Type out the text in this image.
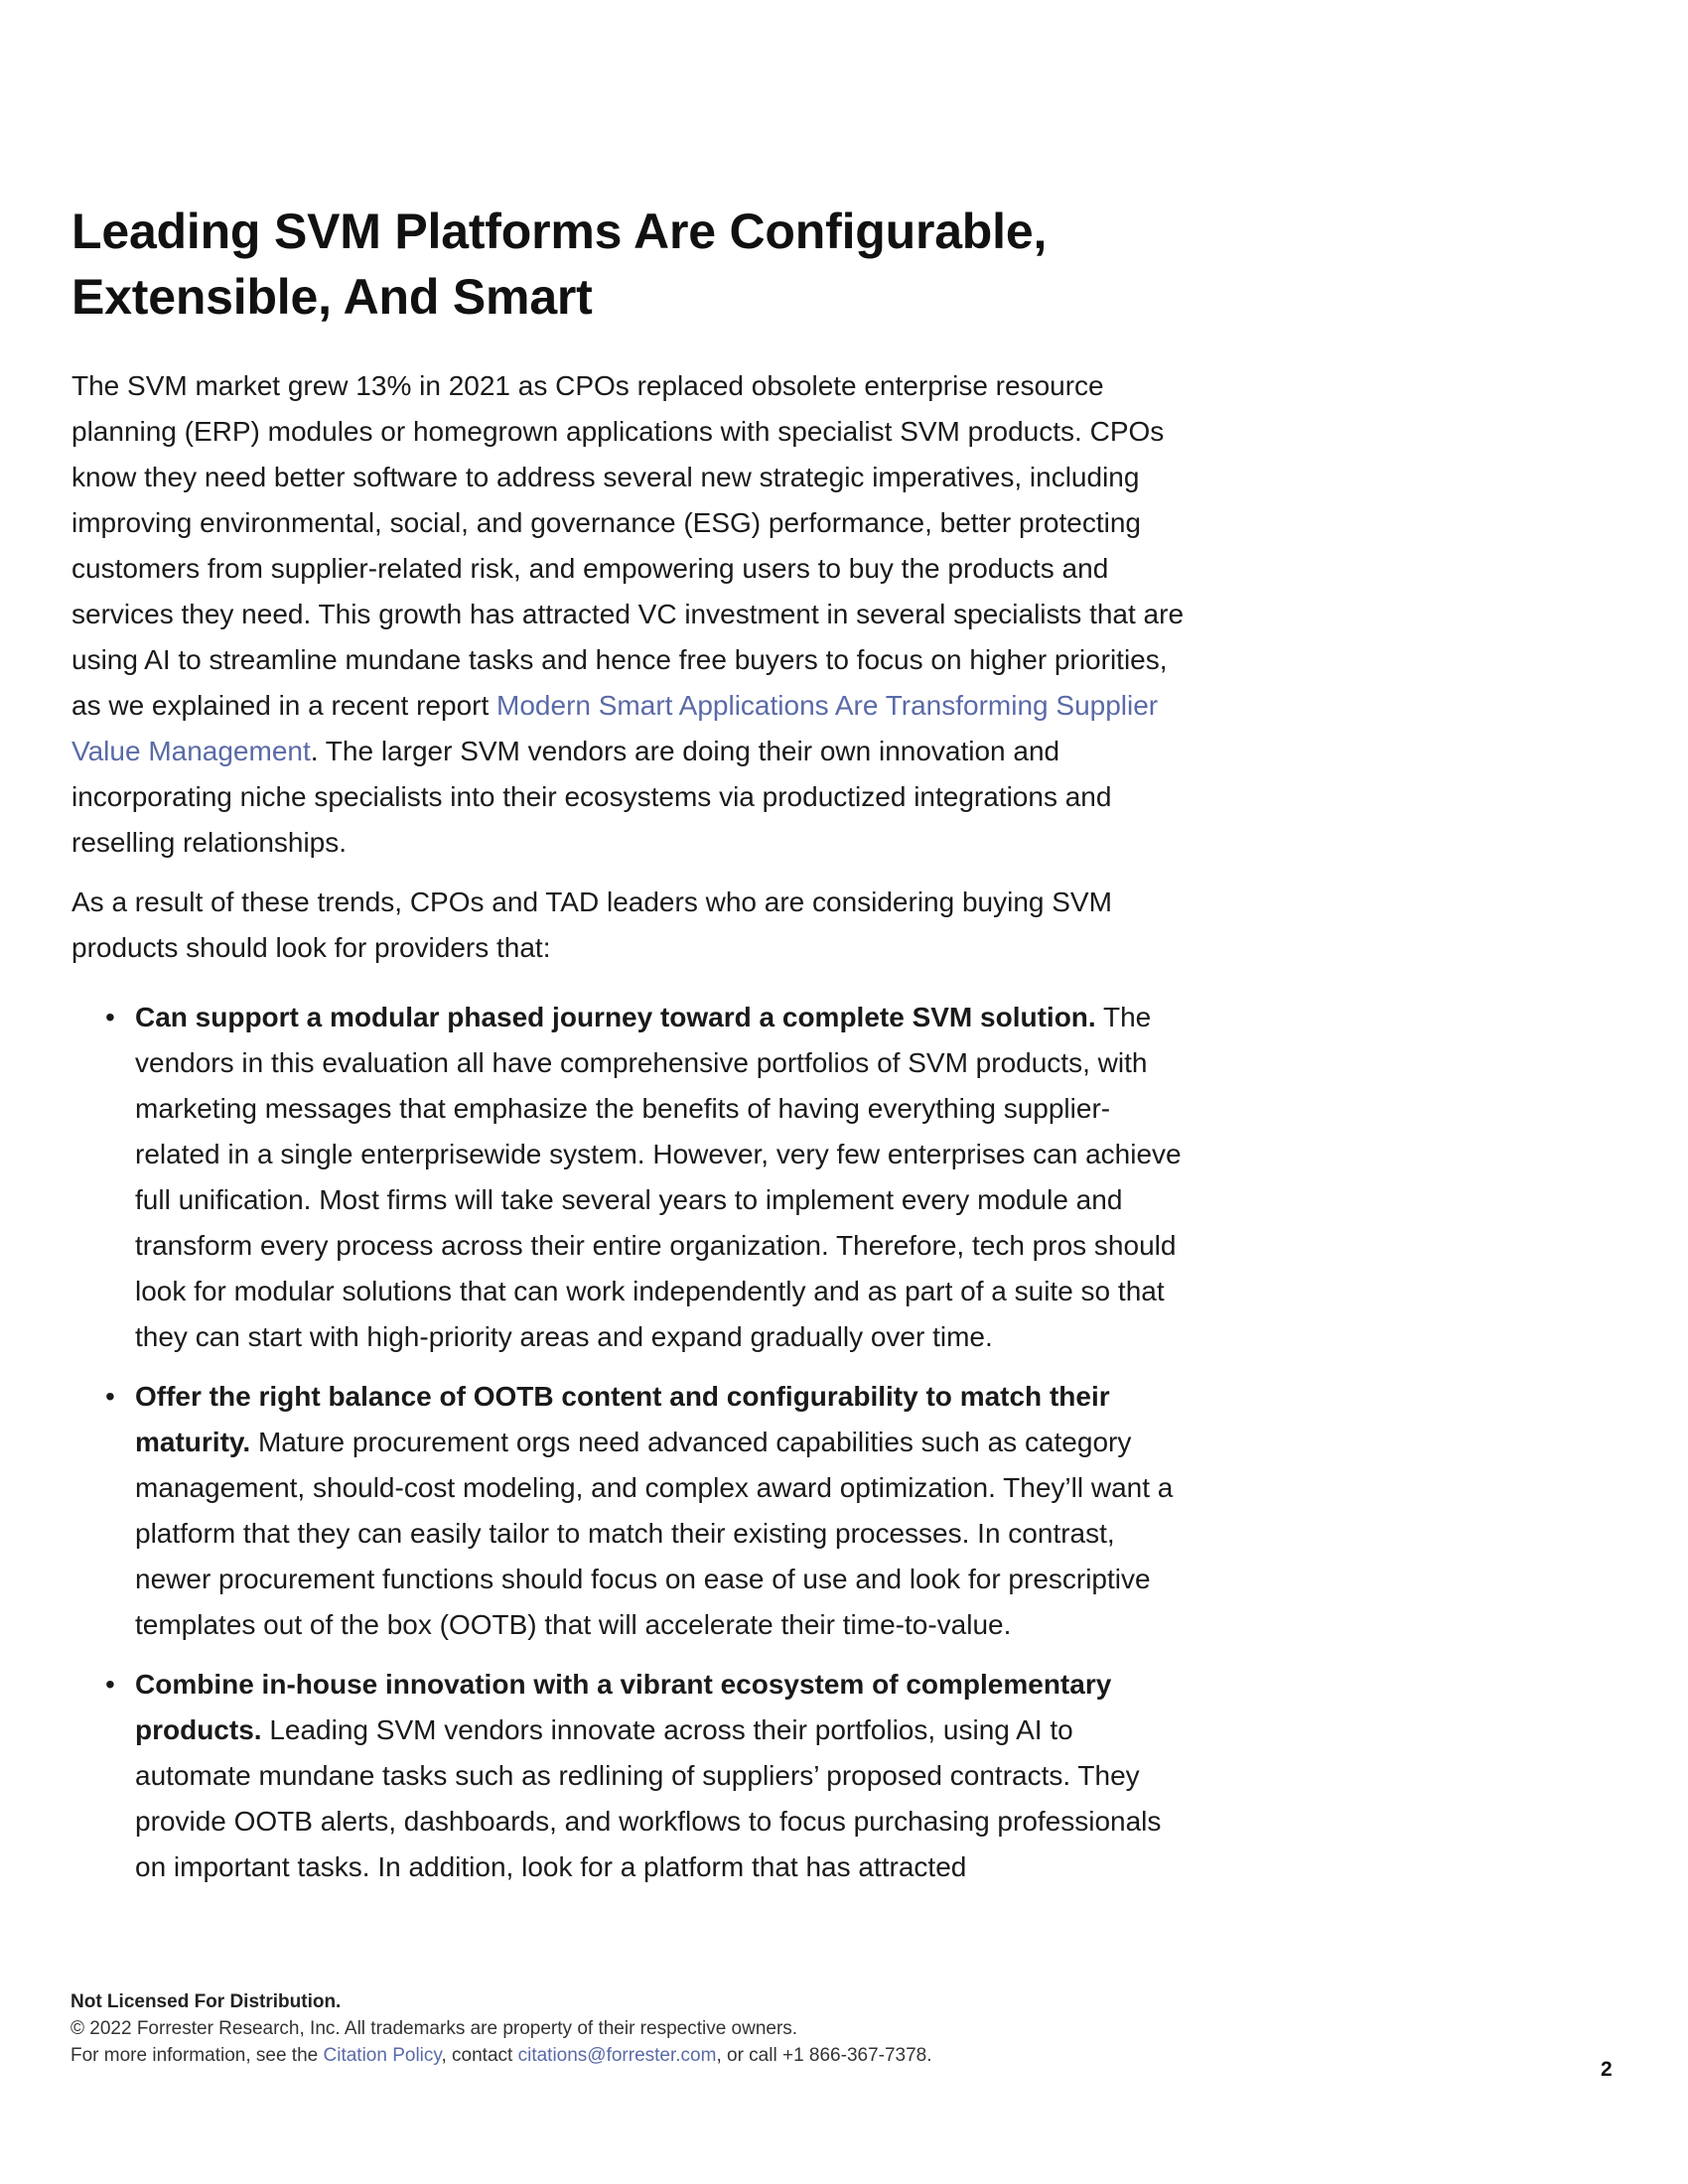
Leading SVM Platforms Are Configurable, Extensible, And Smart

The SVM market grew 13% in 2021 as CPOs replaced obsolete enterprise resource planning (ERP) modules or homegrown applications with specialist SVM products. CPOs know they need better software to address several new strategic imperatives, including improving environmental, social, and governance (ESG) performance, better protecting customers from supplier-related risk, and empowering users to buy the products and services they need. This growth has attracted VC investment in several specialists that are using AI to streamline mundane tasks and hence free buyers to focus on higher priorities, as we explained in a recent report Modern Smart Applications Are Transforming Supplier Value Management. The larger SVM vendors are doing their own innovation and incorporating niche specialists into their ecosystems via productized integrations and reselling relationships.

As a result of these trends, CPOs and TAD leaders who are considering buying SVM products should look for providers that:

• Can support a modular phased journey toward a complete SVM solution. The vendors in this evaluation all have comprehensive portfolios of SVM products, with marketing messages that emphasize the benefits of having everything supplier-related in a single enterprisewide system. However, very few enterprises can achieve full unification. Most firms will take several years to implement every module and transform every process across their entire organization. Therefore, tech pros should look for modular solutions that can work independently and as part of a suite so that they can start with high-priority areas and expand gradually over time.
• Offer the right balance of OOTB content and configurability to match their maturity. Mature procurement orgs need advanced capabilities such as category management, should-cost modeling, and complex award optimization. They’ll want a platform that they can easily tailor to match their existing processes. In contrast, newer procurement functions should focus on ease of use and look for prescriptive templates out of the box (OOTB) that will accelerate their time-to-value.
• Combine in-house innovation with a vibrant ecosystem of complementary products. Leading SVM vendors innovate across their portfolios, using AI to automate mundane tasks such as redlining of suppliers’ proposed contracts. They provide OOTB alerts, dashboards, and workflows to focus purchasing professionals on important tasks. In addition, look for a platform that has attracted
Not Licensed For Distribution.
© 2022 Forrester Research, Inc. All trademarks are property of their respective owners.
For more information, see the Citation Policy, contact citations@forrester.com, or call +1 866-367-7378.
2
